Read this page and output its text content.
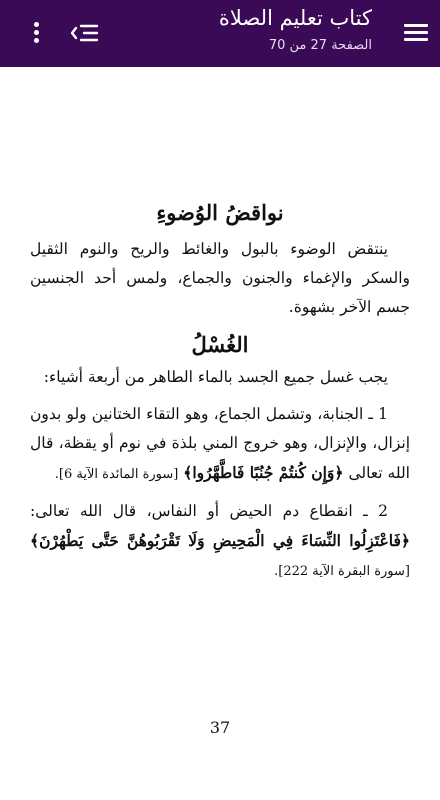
كتاب تعليم الصلاة
الصفحة 27 من 70

نواقضُ الوُضوءِ

ينتقض الوضوء بالبول والغائط والريح والنوم الثقيل والسكر والإغماء والجنون والجماع، ولمس أحد الجنسين جسم الآخر بشهوة.

الغُسْلُ

يجب غسل جميع الجسد بالماء الطاهر من أربعة أشياء:

1 ـ الجنابة، وتشمل الجماع، وهو التقاء الختانين ولو بدون إنزال، والإنزال، وهو خروج المني بلذة في نوم أو يقظة، قال الله تعالى ﴿وَإِن كُنتُمْ جُنُبًا فَاطَّهَّرُوا﴾ [سورة المائدة الآية 6].

2 ـ انقطاع دم الحيض أو النفاس، قال الله تعالى: ﴿فَاعْتَزِلُوا النِّسَاءَ فِي الْمَحِيضِ وَلَا تَقْرَبُوهُنَّ حَتَّى يَطْهُرْنَ﴾ [سورة البقرة الآية 222].

37
